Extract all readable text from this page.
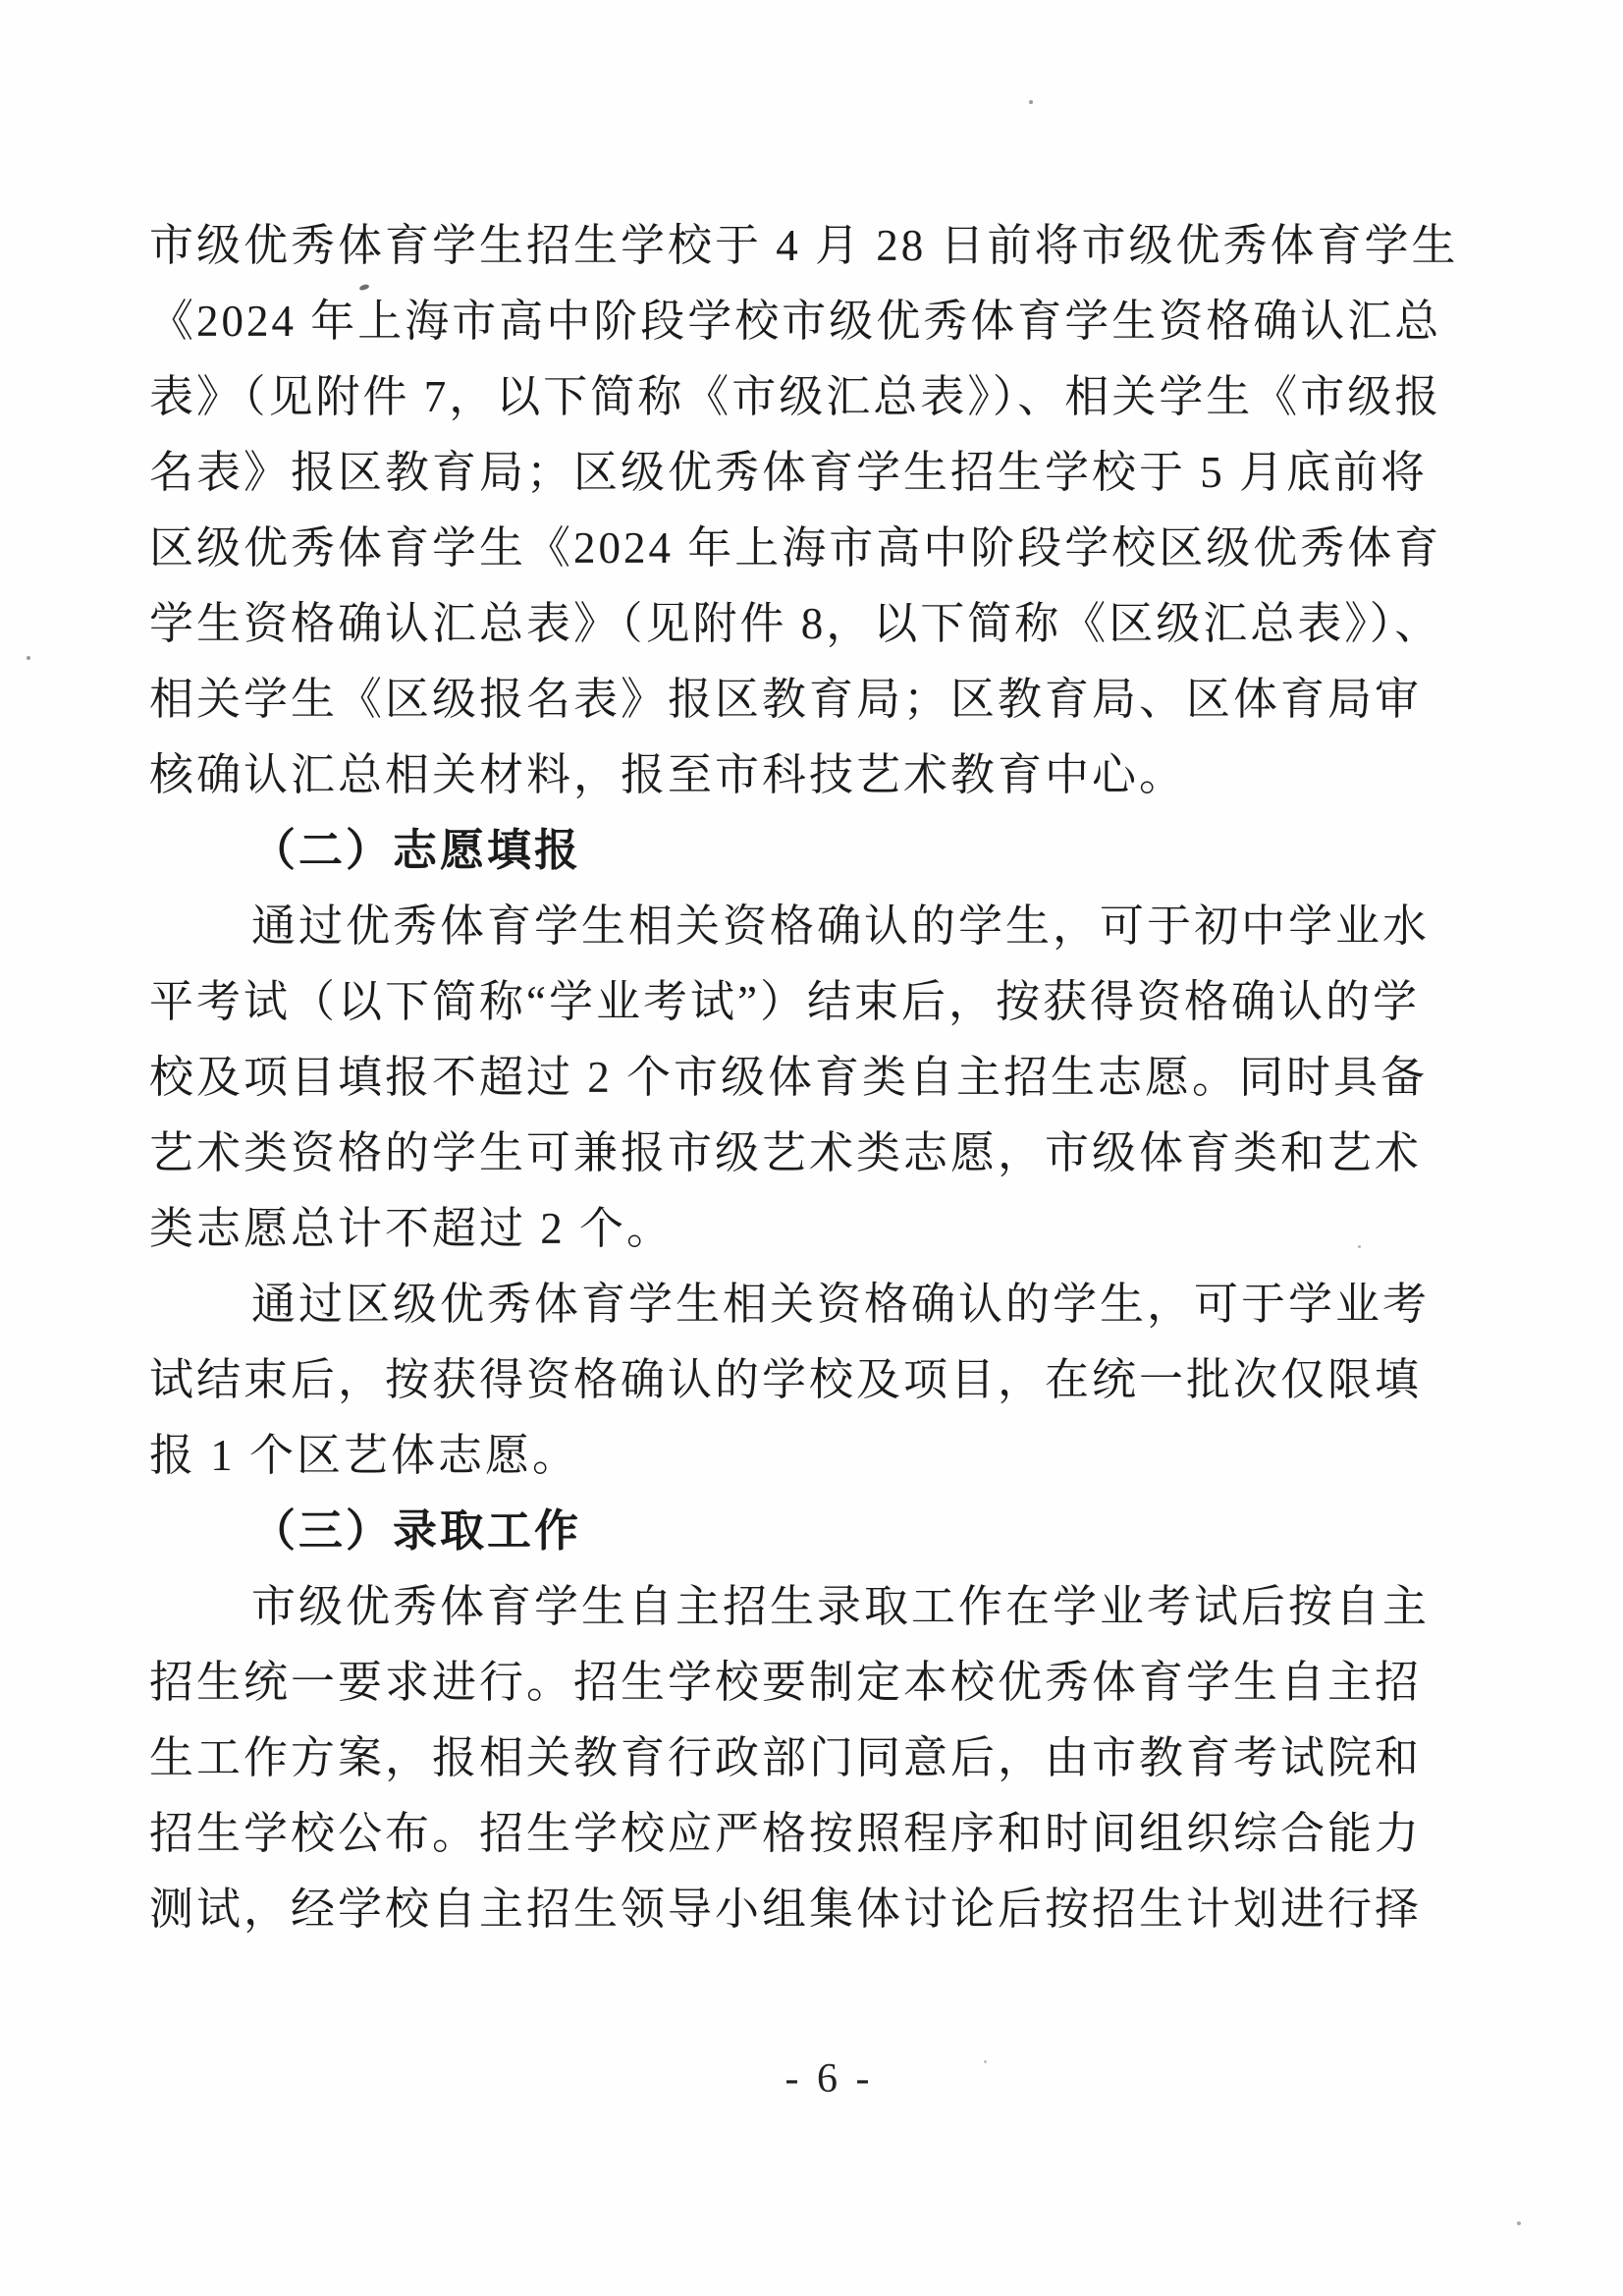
市级优秀体育学生招生学校于 4 月 28 日前将市级优秀体育学生
《2024 年上海市高中阶段学校市级优秀体育学生资格确认汇总
表》（见附件 7，以下简称《市级汇总表》）、相关学生《市级报
名表》报区教育局；区级优秀体育学生招生学校于 5 月底前将
区级优秀体育学生《2024 年上海市高中阶段学校区级优秀体育
学生资格确认汇总表》（见附件 8，以下简称《区级汇总表》）、
相关学生《区级报名表》报区教育局；区教育局、区体育局审
核确认汇总相关材料，报至市科技艺术教育中心。
（二）志愿填报
通过优秀体育学生相关资格确认的学生，可于初中学业水
平考试（以下简称“学业考试”）结束后，按获得资格确认的学
校及项目填报不超过 2 个市级体育类自主招生志愿。同时具备
艺术类资格的学生可兼报市级艺术类志愿，市级体育类和艺术
类志愿总计不超过 2 个。
通过区级优秀体育学生相关资格确认的学生，可于学业考
试结束后，按获得资格确认的学校及项目，在统一批次仅限填
报 1 个区艺体志愿。
（三）录取工作
市级优秀体育学生自主招生录取工作在学业考试后按自主
招生统一要求进行。招生学校要制定本校优秀体育学生自主招
生工作方案，报相关教育行政部门同意后，由市教育考试院和
招生学校公布。招生学校应严格按照程序和时间组织综合能力
测试，经学校自主招生领导小组集体讨论后按招生计划进行择
- 6 -
